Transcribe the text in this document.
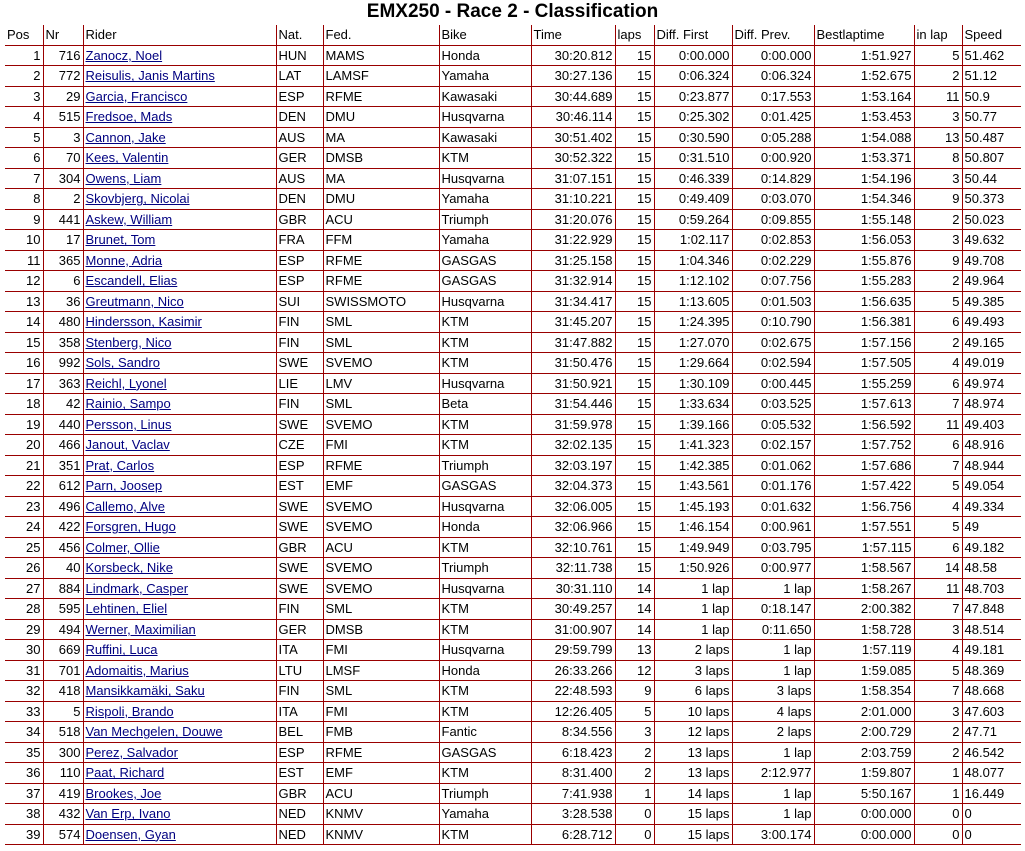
EMX250 - Race 2 - Classification
Pos	Nr	Rider	Nat.	Fed.	Bike	Time	laps	Diff. First	Diff. Prev.	Bestlaptime	in lap	Speed
1	716	Zanocz, Noel	HUN	MAMS	Honda	30:20.812	15	0:00.000	0:00.000	1:51.927	5	51.462
2	772	Reisulis, Janis Martins	LAT	LAMSF	Yamaha	30:27.136	15	0:06.324	0:06.324	1:52.675	2	51.12
3	29	Garcia, Francisco	ESP	RFME	Kawasaki	30:44.689	15	0:23.877	0:17.553	1:53.164	11	50.9
4	515	Fredsoe, Mads	DEN	DMU	Husqvarna	30:46.114	15	0:25.302	0:01.425	1:53.453	3	50.77
5	3	Cannon, Jake	AUS	MA	Kawasaki	30:51.402	15	0:30.590	0:05.288	1:54.088	13	50.487
6	70	Kees, Valentin	GER	DMSB	KTM	30:52.322	15	0:31.510	0:00.920	1:53.371	8	50.807
7	304	Owens, Liam	AUS	MA	Husqvarna	31:07.151	15	0:46.339	0:14.829	1:54.196	3	50.44
8	2	Skovbjerg, Nicolai	DEN	DMU	Yamaha	31:10.221	15	0:49.409	0:03.070	1:54.346	9	50.373
9	441	Askew, William	GBR	ACU	Triumph	31:20.076	15	0:59.264	0:09.855	1:55.148	2	50.023
10	17	Brunet, Tom	FRA	FFM	Yamaha	31:22.929	15	1:02.117	0:02.853	1:56.053	3	49.632
11	365	Monne, Adria	ESP	RFME	GASGAS	31:25.158	15	1:04.346	0:02.229	1:55.876	9	49.708
12	6	Escandell, Elias	ESP	RFME	GASGAS	31:32.914	15	1:12.102	0:07.756	1:55.283	2	49.964
13	36	Greutmann, Nico	SUI	SWISSMOTO	Husqvarna	31:34.417	15	1:13.605	0:01.503	1:56.635	5	49.385
14	480	Hindersson, Kasimir	FIN	SML	KTM	31:45.207	15	1:24.395	0:10.790	1:56.381	6	49.493
15	358	Stenberg, Nico	FIN	SML	KTM	31:47.882	15	1:27.070	0:02.675	1:57.156	2	49.165
16	992	Sols, Sandro	SWE	SVEMO	KTM	31:50.476	15	1:29.664	0:02.594	1:57.505	4	49.019
17	363	Reichl, Lyonel	LIE	LMV	Husqvarna	31:50.921	15	1:30.109	0:00.445	1:55.259	6	49.974
18	42	Rainio, Sampo	FIN	SML	Beta	31:54.446	15	1:33.634	0:03.525	1:57.613	7	48.974
19	440	Persson, Linus	SWE	SVEMO	KTM	31:59.978	15	1:39.166	0:05.532	1:56.592	11	49.403
20	466	Janout, Vaclav	CZE	FMI	KTM	32:02.135	15	1:41.323	0:02.157	1:57.752	6	48.916
21	351	Prat, Carlos	ESP	RFME	Triumph	32:03.197	15	1:42.385	0:01.062	1:57.686	7	48.944
22	612	Parn, Joosep	EST	EMF	GASGAS	32:04.373	15	1:43.561	0:01.176	1:57.422	5	49.054
23	496	Callemo, Alve	SWE	SVEMO	Husqvarna	32:06.005	15	1:45.193	0:01.632	1:56.756	4	49.334
24	422	Forsgren, Hugo	SWE	SVEMO	Honda	32:06.966	15	1:46.154	0:00.961	1:57.551	5	49
25	456	Colmer, Ollie	GBR	ACU	KTM	32:10.761	15	1:49.949	0:03.795	1:57.115	6	49.182
26	40	Korsbeck, Nike	SWE	SVEMO	Triumph	32:11.738	15	1:50.926	0:00.977	1:58.567	14	48.58
27	884	Lindmark, Casper	SWE	SVEMO	Husqvarna	30:31.110	14	1 lap	1 lap	1:58.267	11	48.703
28	595	Lehtinen, Eliel	FIN	SML	KTM	30:49.257	14	1 lap	0:18.147	2:00.382	7	47.848
29	494	Werner, Maximilian	GER	DMSB	KTM	31:00.907	14	1 lap	0:11.650	1:58.728	3	48.514
30	669	Ruffini, Luca	ITA	FMI	Husqvarna	29:59.799	13	2 laps	1 lap	1:57.119	4	49.181
31	701	Adomaitis, Marius	LTU	LMSF	Honda	26:33.266	12	3 laps	1 lap	1:59.085	5	48.369
32	418	Mansikkamäki, Saku	FIN	SML	KTM	22:48.593	9	6 laps	3 laps	1:58.354	7	48.668
33	5	Rispoli, Brando	ITA	FMI	KTM	12:26.405	5	10 laps	4 laps	2:01.000	3	47.603
34	518	Van Mechgelen, Douwe	BEL	FMB	Fantic	8:34.556	3	12 laps	2 laps	2:00.729	2	47.71
35	300	Perez, Salvador	ESP	RFME	GASGAS	6:18.423	2	13 laps	1 lap	2:03.759	2	46.542
36	110	Paat, Richard	EST	EMF	KTM	8:31.400	2	13 laps	2:12.977	1:59.807	1	48.077
37	419	Brookes, Joe	GBR	ACU	Triumph	7:41.938	1	14 laps	1 lap	5:50.167	1	16.449
38	432	Van Erp, Ivano	NED	KNMV	Yamaha	3:28.538	0	15 laps	1 lap	0:00.000	0	0
39	574	Doensen, Gyan	NED	KNMV	KTM	6:28.712	0	15 laps	3:00.174	0:00.000	0	0
